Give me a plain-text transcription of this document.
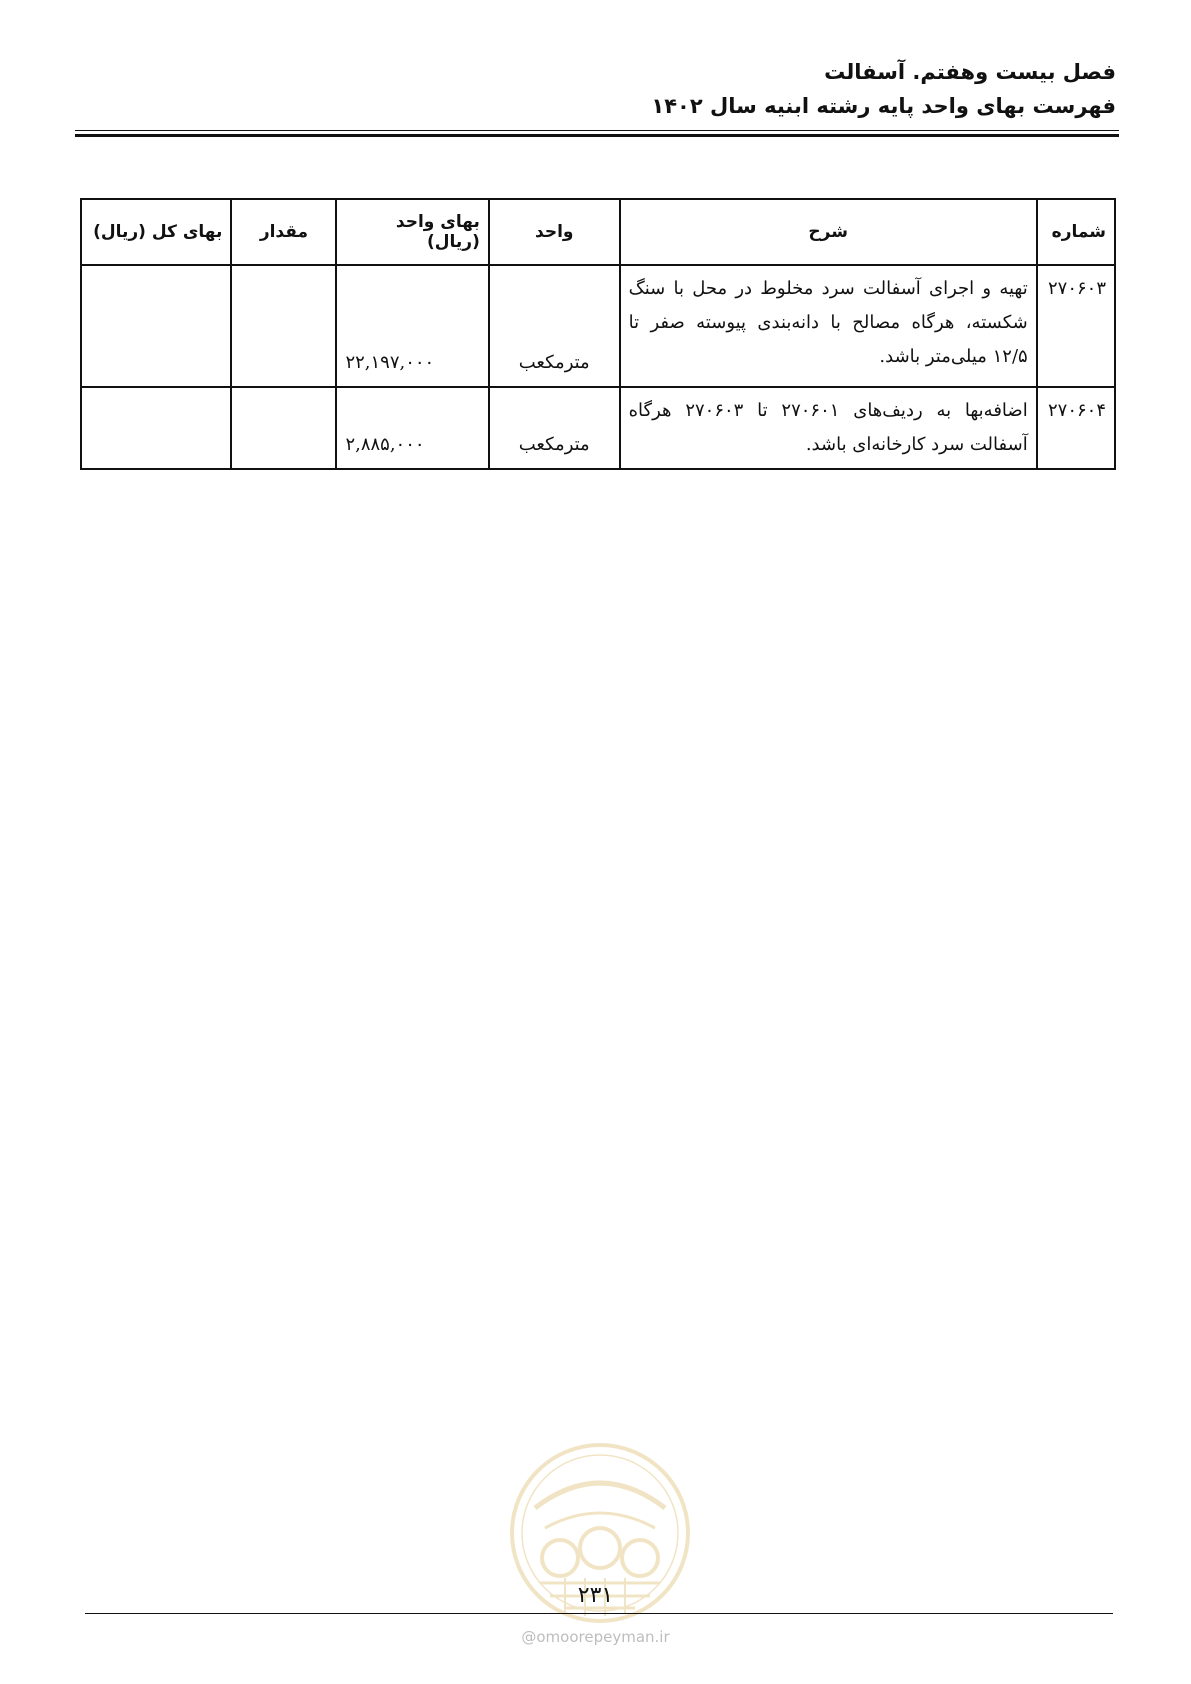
فصل بیست وهفتم. آسفالت
فهرست بهای واحد پایه رشته ابنیه سال ۱۴۰۲
شماره	شرح	واحد	بهای واحد (ریال)	مقدار	بهای کل (ریال)
۲۷۰۶۰۳	تهیه و اجرای آسفالت سرد مخلوط در محل با سنگ شکسته، هرگاه مصالح با دانه‌بندی پیوسته صفر تا ۱۲/۵ میلی‌متر باشد.	مترمکعب	۲۲,۱۹۷,۰۰۰		
۲۷۰۶۰۴	اضافه‌بها به ردیف‌های ۲۷۰۶۰۱ تا ۲۷۰۶۰۳ هرگاه آسفالت سرد کارخانه‌ای باشد.	مترمکعب	۲,۸۸۵,۰۰۰		
۲۳۱
@omoorepeyman.ir
